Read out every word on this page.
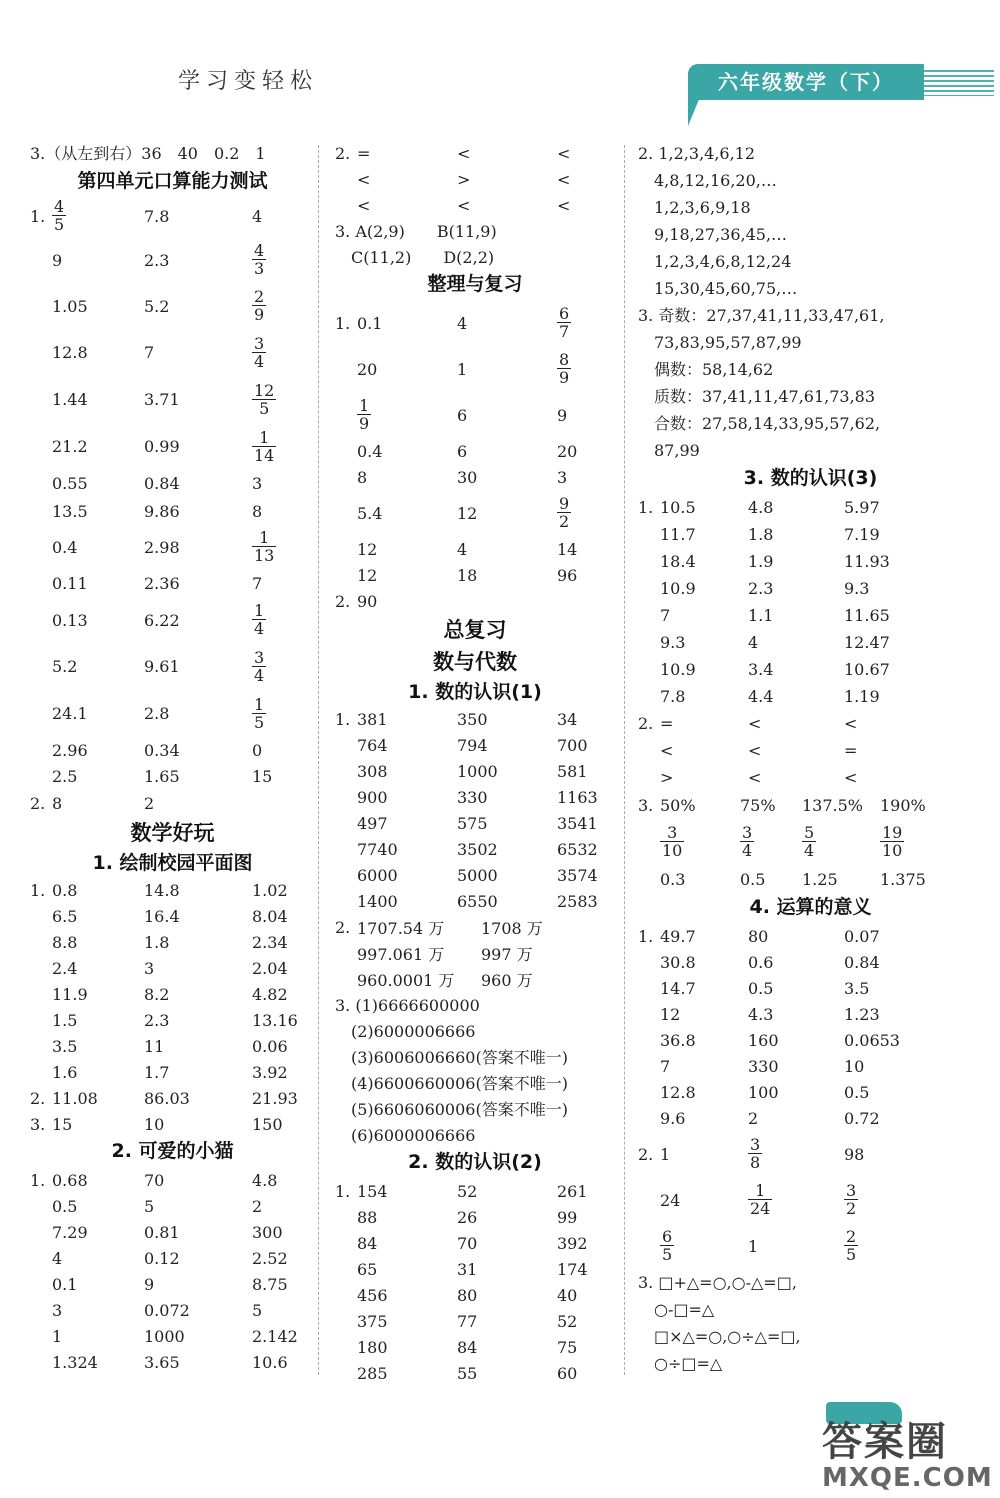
学习变轻松	六年级数学（下）
3.（从左到右）36　40　0.2　1
第四单元口算能力测试
1. $\frac{4}{5}$	7.8	4
9	2.3	$\frac{4}{3}$
1.05	5.2	$\frac{2}{9}$
12.8	7	$\frac{3}{4}$
1.44	3.71	$\frac{12}{5}$
21.2	0.99	$\frac{1}{14}$
0.55	0.84	3
13.5	9.86	8
0.4	2.98	$\frac{1}{13}$
0.11	2.36	7
0.13	6.22	$\frac{1}{4}$
5.2	9.61	$\frac{3}{4}$
24.1	2.8	$\frac{1}{5}$
2.96	0.34	0
2.5	1.65	15
2. 8	2
数学好玩
1. 绘制校园平面图
1. 0.8	14.8	1.02
6.5	16.4	8.04
8.8	1.8	2.34
2.4	3	2.04
11.9	8.2	4.82
1.5	2.3	13.16
3.5	11	0.06
1.6	1.7	3.92
2. 11.08	86.03	21.93
3. 15	10	150
2. 可爱的小猫
1. 0.68	70	4.8
0.5	5	2
7.29	0.81	300
4	0.12	2.52
0.1	9	8.75
3	0.072	5
1	1000	2.142
1.324	3.65	10.6
2. =	<	<
<	>	<
<	<	<
3. A(2,9)　　B(11,9)
　C(11,2)　　D(2,2)
整理与复习
1. 0.1	4	$\frac{6}{7}$
20	1	$\frac{8}{9}$
$\frac{1}{9}$	6	9
0.4	6	20
8	30	3
5.4	12	$\frac{9}{2}$
12	4	14
12	18	96
2. 90
总复习
数与代数
1. 数的认识(1)
1. 381	350	34
764	794	700
308	1000	581
900	330	1163
497	575	3541
7740	3502	6532
6000	5000	3574
1400	6550	2583
2. 1707.54 万	1708 万
997.061 万	997 万
960.0001 万	960 万
3. (1)6666600000
　(2)6000006666
　(3)6006006660(答案不唯一)
　(4)6600660006(答案不唯一)
　(5)6606060006(答案不唯一)
　(6)6000006666
2. 数的认识(2)
1. 154	52	261
88	26	99
84	70	392
65	31	174
456	80	40
375	77	52
180	84	75
285	55	60
2. 1,2,3,4,6,12
　4,8,12,16,20,…
　1,2,3,6,9,18
　9,18,27,36,45,…
　1,2,3,4,6,8,12,24
　15,30,45,60,75,…
3. 奇数：27,37,41,11,33,47,61,
　73,83,95,57,87,99
　偶数：58,14,62
　质数：37,41,11,47,61,73,83
　合数：27,58,14,33,95,57,62,
　87,99
3. 数的认识(3)
1. 10.5	4.8	5.97
11.7	1.8	7.19
18.4	1.9	11.93
10.9	2.3	9.3
7	1.1	11.65
9.3	4	12.47
10.9	3.4	10.67
7.8	4.4	1.19
2. =	<	<
<	<	=
>	<	<
3. 50%	75%	137.5%	190%
$\frac{3}{10}$	$\frac{3}{4}$	$\frac{5}{4}$	$\frac{19}{10}$
0.3	0.5	1.25	1.375
4. 运算的意义
1. 49.7	80	0.07
30.8	0.6	0.84
14.7	0.5	3.5
12	4.3	1.23
36.8	160	0.0653
7	330	10
12.8	100	0.5
9.6	2	0.72
2. 1	$\frac{3}{8}$	98
24	$\frac{1}{24}$	$\frac{3}{2}$
$\frac{6}{5}$	1	$\frac{2}{5}$
3. □+△=○,○-△=□,
　○-□=△
　□×△=○,○÷△=□,
　○÷□=△
答案圈
MXQE.COM
